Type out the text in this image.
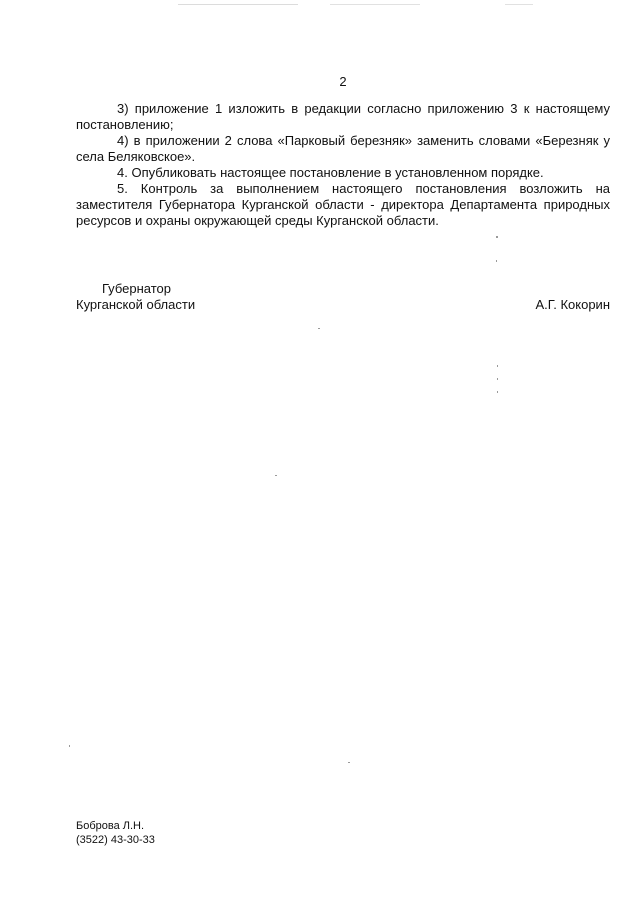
2

3) приложение 1 изложить в редакции согласно приложению 3 к настоящему постановлению;

4) в приложении 2 слова «Парковый березняк» заменить словами «Березняк у села Беляковское».

4. Опубликовать настоящее постановление в установленном порядке.

5. Контроль за выполнением настоящего постановления возложить на заместителя Губернатора Курганской области - директора Департамента природных ресурсов и охраны окружающей среды Курганской области.

Губернатор
Курганской области	А.Г. Кокорин
Боброва Л.Н.
(3522) 43-30-33
